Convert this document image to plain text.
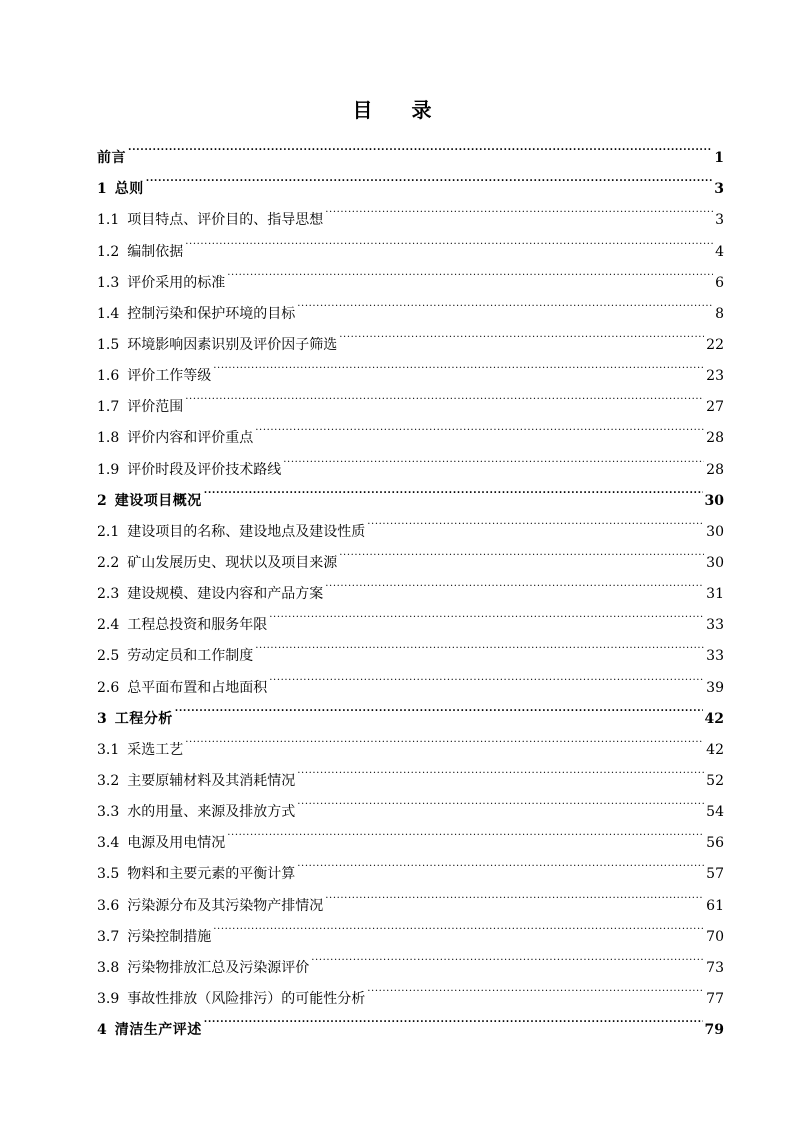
目 录
前言 .....	1
1 总则 .....	3
1.1 项目特点、评价目的、指导思想 .....	3
1.2 编制依据 .....	4
1.3 评价采用的标准 .....	6
1.4 控制污染和保护环境的目标 .....	8
1.5 环境影响因素识别及评价因子筛选 .....	22
1.6 评价工作等级 .....	23
1.7 评价范围 .....	27
1.8 评价内容和评价重点 .....	28
1.9 评价时段及评价技术路线 .....	28
2 建设项目概况 .....	30
2.1 建设项目的名称、建设地点及建设性质 .....	30
2.2 矿山发展历史、现状以及项目来源 .....	30
2.3 建设规模、建设内容和产品方案 .....	31
2.4 工程总投资和服务年限 .....	33
2.5 劳动定员和工作制度 .....	33
2.6 总平面布置和占地面积 .....	39
3 工程分析 .....	42
3.1 采选工艺 .....	42
3.2 主要原辅材料及其消耗情况 .....	52
3.3 水的用量、来源及排放方式 .....	54
3.4 电源及用电情况 .....	56
3.5 物料和主要元素的平衡计算 .....	57
3.6 污染源分布及其污染物产排情况 .....	61
3.7 污染控制措施 .....	70
3.8 污染物排放汇总及污染源评价 .....	73
3.9 事故性排放（风险排污）的可能性分析 .....	77
4 清洁生产评述 .....	79
